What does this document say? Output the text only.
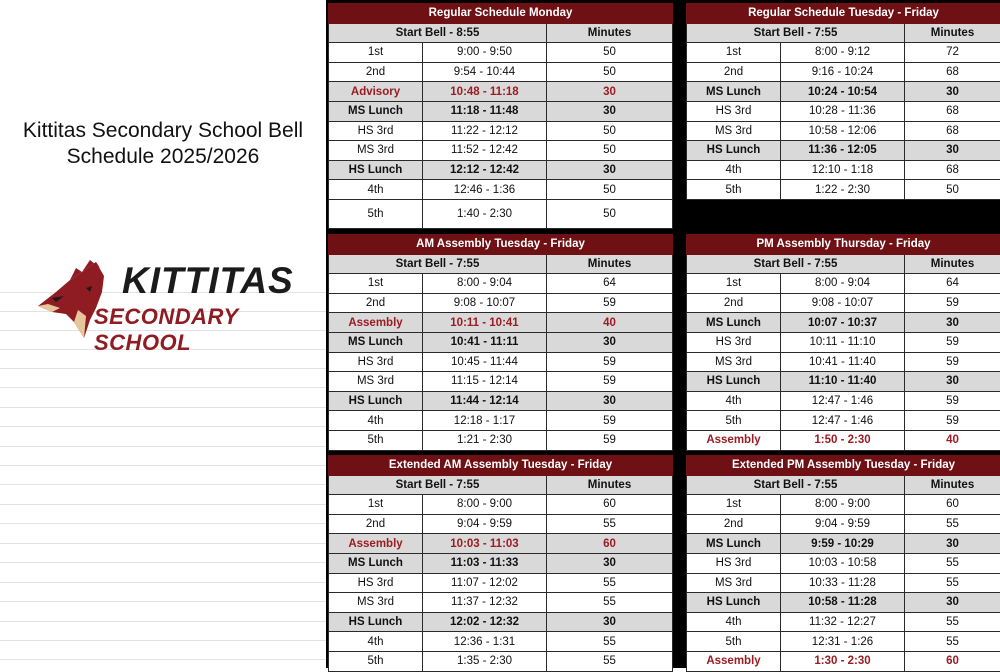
Kittitas Secondary School Bell
Schedule 2025/2026
KITTITAS
SECONDARY SCHOOL
Regular Schedule Monday		
Start Bell - 8:55		Minutes
1st	9:00 - 9:50	50
2nd	9:54 - 10:44	50
Advisory	10:48 - 11:18	30
MS Lunch	11:18 - 11:48	30
HS 3rd	11:22 - 12:12	50
MS 3rd	11:52 - 12:42	50
HS Lunch	12:12 - 12:42	30
4th	12:46 - 1:36	50
5th	1:40 - 2:30	50
Regular Schedule Tuesday - Friday		
Start Bell - 7:55		Minutes
1st	8:00 - 9:12	72
2nd	9:16 - 10:24	68
MS Lunch	10:24 - 10:54	30
HS 3rd	10:28 - 11:36	68
MS 3rd	10:58 - 12:06	68
HS Lunch	11:36 - 12:05	30
4th	12:10 - 1:18	68
5th	1:22 - 2:30	50
AM Assembly Tuesday - Friday		
Start Bell - 7:55		Minutes
1st	8:00 - 9:04	64
2nd	9:08 - 10:07	59
Assembly	10:11 - 10:41	40
MS Lunch	10:41 - 11:11	30
HS 3rd	10:45 - 11:44	59
MS 3rd	11:15 - 12:14	59
HS Lunch	11:44 - 12:14	30
4th	12:18 - 1:17	59
5th	1:21 - 2:30	59
PM Assembly Thursday - Friday		
Start Bell - 7:55		Minutes
1st	8:00 - 9:04	64
2nd	9:08 - 10:07	59
MS Lunch	10:07 - 10:37	30
HS 3rd	10:11 - 11:10	59
MS 3rd	10:41 - 11:40	59
HS Lunch	11:10 - 11:40	30
4th	12:47 - 1:46	59
5th	12:47 - 1:46	59
Assembly	1:50 - 2:30	40
Extended AM Assembly Tuesday - Friday		
Start Bell - 7:55		Minutes
1st	8:00 - 9:00	60
2nd	9:04 - 9:59	55
Assembly	10:03 - 11:03	60
MS Lunch	11:03 - 11:33	30
HS 3rd	11:07 - 12:02	55
MS 3rd	11:37 - 12:32	55
HS Lunch	12:02 - 12:32	30
4th	12:36 - 1:31	55
5th	1:35 - 2:30	55
Extended PM Assembly Tuesday - Friday		
Start Bell - 7:55		Minutes
1st	8:00 - 9:00	60
2nd	9:04 - 9:59	55
MS Lunch	9:59 - 10:29	30
HS 3rd	10:03 - 10:58	55
MS 3rd	10:33 - 11:28	55
HS Lunch	10:58 - 11:28	30
4th	11:32 - 12:27	55
5th	12:31 - 1:26	55
Assembly	1:30 - 2:30	60
